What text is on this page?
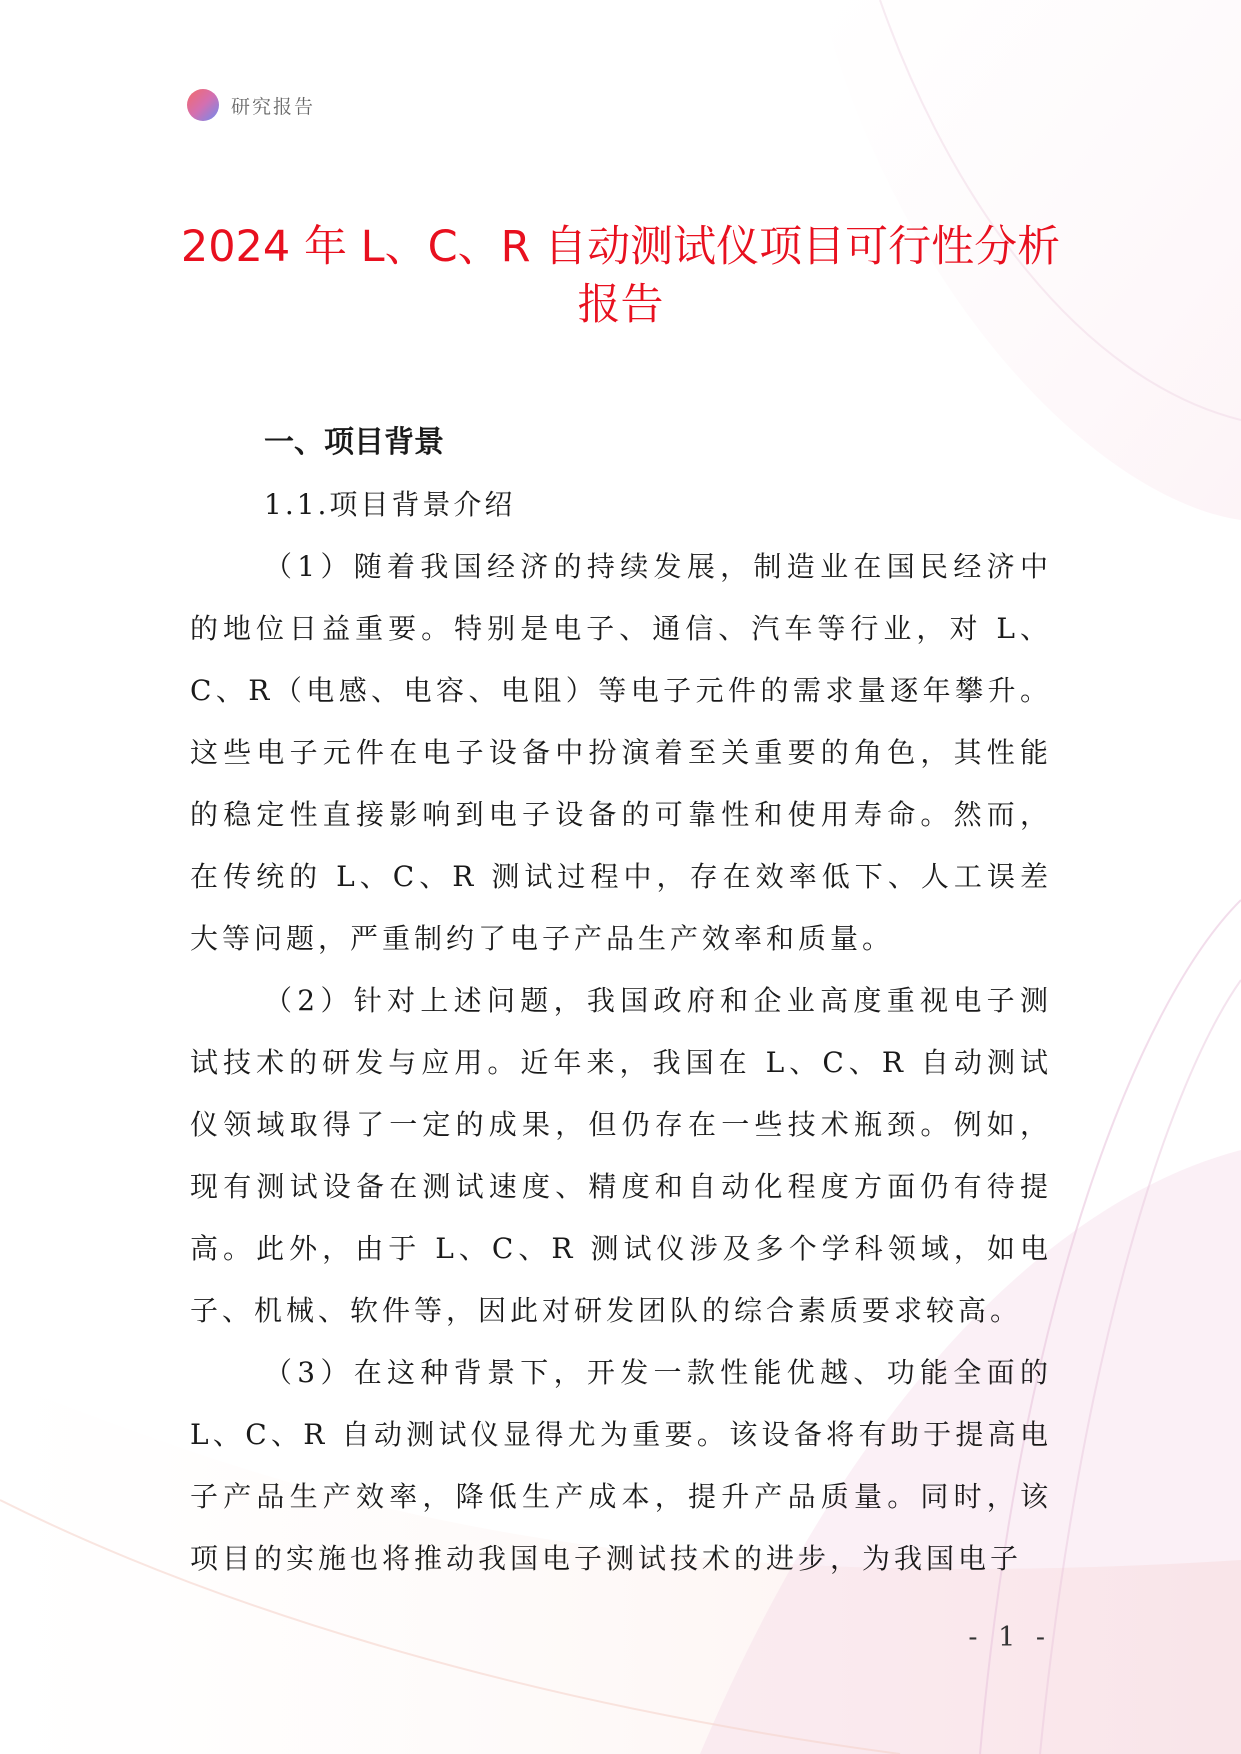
研究报告
2024 年 L、C、R 自动测试仪项目可行性分析
报告

一、项目背景

1.1.项目背景介绍

（1）随着我国经济的持续发展，制造业在国民经济中的地位日益重要。特别是电子、通信、汽车等行业，对 L、C、R（电感、电容、电阻）等电子元件的需求量逐年攀升。这些电子元件在电子设备中扮演着至关重要的角色，其性能的稳定性直接影响到电子设备的可靠性和使用寿命。然而，在传统的 L、C、R 测试过程中，存在效率低下、人工误差大等问题，严重制约了电子产品生产效率和质量。

（2）针对上述问题，我国政府和企业高度重视电子测试技术的研发与应用。近年来，我国在 L、C、R 自动测试仪领域取得了一定的成果，但仍存在一些技术瓶颈。例如，现有测试设备在测试速度、精度和自动化程度方面仍有待提高。此外，由于 L、C、R 测试仪涉及多个学科领域，如电子、机械、软件等，因此对研发团队的综合素质要求较高。

（3）在这种背景下，开发一款性能优越、功能全面的 L、C、R 自动测试仪显得尤为重要。该设备将有助于提高电子产品生产效率，降低生产成本，提升产品质量。同时，该项目的实施也将推动我国电子测试技术的进步，为我国电子

- 1 -
